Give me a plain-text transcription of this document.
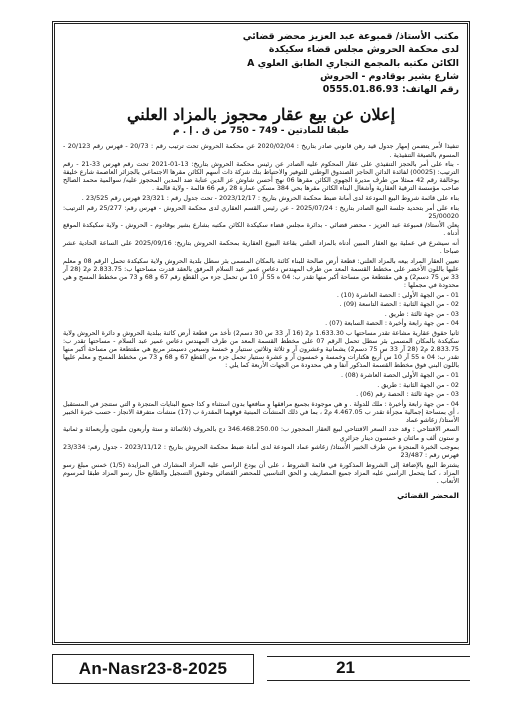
مكتب الأستاذ/ قمبوعة عبد العزيز محضر قضائي
لدى محكمة الحروش مجلس قضاء سكيكدة
الكائن مكتبه بالمجمع التجاري الطابق العلوي A
شارع بشير بوقادوم - الحروش
رقم الهاتف: 0555.01.86.93
إعلان عن بيع عقار محجوز بالمزاد العلني
طبقا للمادتين - 749 - 750 من ق . إ . م

تنفيذا لأمر يتضمن إمهار جدول قيد رهن قانوني صادر بتاريخ : 2020/02/04 عن محكمة الحروش تحت ترتيب رقم : 20/73 - فهرس رقم 20/123 - المسوم بالصيغة التنفيذية .

- بناء على أمر بالحجز التنفيذي على عقار المحكوم عليه الصادر عن رئيس محكمة الحروش بتاريخ: 13-01-2021 تحت رقم فهرس 33-21 - رقم الترتيب: (00025) لفائدة الدائن الحاجز الصندوق الوطني للتوفير والاحتياط بنك شركة ذات أسهم الكائن مقرها الاجتماعي بالجزائر العاصمة شارع خليفة بوخالفة رقم 42 ممثلا من طرف مديرة الجهوي الكائن مقرها 06 نهج أحسن شاوش عز الدين عنابة ضد المدين المحجوز عليه/ سوالمية محمد الصالح صاحب مؤسسة الترقية العقارية وأشغال البناء الكائن مقرها بحي 384 مسكن عمارة 28 رقم 66 قالمة - ولاية قالمة .

بناء على قائمة شروط البيع المودعة لدى أمانة ضبط محكمة الحروش بتاريخ : 2023/12/17 - تحت جدول رقم : 23/321 فهرس رقم 23/525 .

بناء على أمر بتحديد جلسة البيع الصادر بتاريخ : 2025/07/24 - عن رئيس القسم العقاري لدى محكمة الحروش - فهرس رقم: 25/277 رقم الترتيب: 25/00020

يعلن الأستاذ/ قمبوعة عبد العزيز - محضر قضائي - بدائرة مجلس قضاء سكيكدة الكائن مكتبه بشارع بشير بوقادوم - الحروش - ولاية سكيكدة الموقع أدناه .

أنه سيشرع في عملية بيع العقار المبين أدناه بالمزاد العلني بقاعة البيوع العقارية بمحكمة الحروش بتاريخ: 2025/09/16 على الساعة الحادية عشر صباحا .

تعيين العقار المراد بيعه بالمزاد العلني: قطعة أرض صالحة للبناء كائنة بالمكان المسمى بئر سطل بلدية الحروش ولاية سكيكدة تحمل الرقم 08 و معلم عليها باللون الأخضر على مخطط القسمة المعد من طرف المهندس دعاس عمير عبد السلام المرفق بالعقد قدرت مساحتها ب: 2.833.75 م2 (28 آر 33 س 75 دسم2) و هي مقتطعة من مساحة أكبر منها تقدر ب: 04 ه 55 آر 10 س تحمل جزء من القطع رقم 67 و 68 و 73 من مخطط المسح و هي محدودة في مجملها :

01 - من الجهة الأولى : الحصة العاشرة (10) .

02 - من الجهة الثانية : الحصة التاسعة (09) .

03 - من جهة ثالثة : طريق .

04 - من جهة رابعة وأخيرة : الحصة السابعة (07) .

ثانيا حقوق عقارية مشاعة تقدر مساحتها ب 1.633.30 م2 (16 آر 33 س 30 دسم2) تأخذ من قطعة أرض كائنة ببلدية الحروش و دائرة الحروش ولاية سكيكدة بالمكان المسمى بئر سطل تحمل الرقم 07 على مخطط القسمة المعد من طرف المهندس دعاس عمير عبد السلام - مساحتها تقدر ب: 2.833.75 م2 (28 آر 33 س 75 دسم2) يشمانية وعشرون آر و ثلاثة وثلاثين سنتيار و خمسة وسبعين دسيمتر مربع هي مقتطعة من مساحة أكبر منها تقدر ب: 04 ه 55 آر 10 س أربع هكتارات وخمسة و خمسون آر و عشرة سنتيار تحمل جزء من القطع 67 و 68 و 73 من مخطط المسح و معلم عليها باللون البني فوق مخطط القسمة المذكور آنفا و هي محدودة من الجهات الأربعة كما يلي :

01 - من الجهة الأولى الحصة العاشرة (08) .

02 - من الجهة الثانية : طريق .

03 - من جهة ثالثة : الحصة رقم (06) .

04 - من جهة رابعة وأخيرة : ملك للدولة . و هي موجودة بجميع مرافقها و منافعها بدون استثناء و كذا جميع البنايات المتجزة و التي ستنجز في المستقبل ، أي بمساحة إجمالية مجزأة تقدر ب 4.467.05 م2 ، بما في ذلك المنشآت المبنية فوقهما المقدرة ب (17) منشأت متفرقة الانجاز - حسب خبرة الخبير الأستاذ/ زغاشو عماد

السعر الافتتاحي : وقد حدد السعر الافتتاحي لبيع العقار المحجوز ب: 346.468.250.00 دج بالحروف (ثلاثمائة و ستة وأربعون مليون وأربعمائة و ثمانية و ستون ألف و مائتان و خمسون دينار جزائري

بموجب الخبرة المنجزة من طرف الخبير الأستاذ/ زغاشو عماد المودعة لدى أمانة ضبط محكمة الحروش بتاريخ : 2023/11/12 - جدول رقم: 23/334 فهرس رقم : 23/487

يشترط البيع بالإضافة إلى الشروط المذكورة في قائمة الشروط ، على أن يودع الراسي عليه المزاد المشارك في المزايدة (1/5) خمس مبلغ رسو المزاد ، كما يتحمل الراسي عليه المزاد جميع المصاريف و الحق التناسبي للمحضر القضائي وحقوق التسجيل والطابع حال رسو المزاد طبقا لمرسوم الأتعاب .

المحضر القضائي
An-Nasr23-8-2025	21
